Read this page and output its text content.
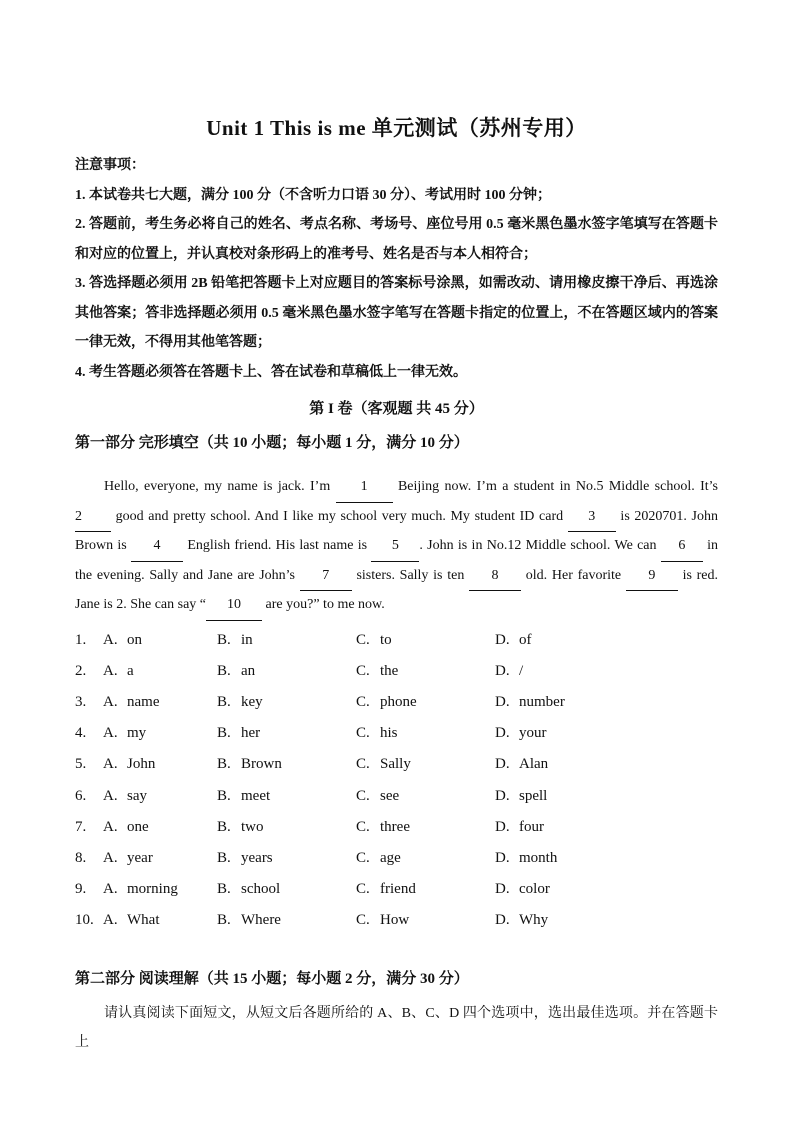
Unit 1 This is me 单元测试（苏州专用）

注意事项：

1. 本试卷共七大题，满分 100 分（不含听力口语 30 分）、考试用时 100 分钟；

2. 答题前，考生务必将自己的姓名、考点名称、考场号、座位号用 0.5 毫米黑色墨水签字笔填写在答题卡和对应的位置上，并认真校对条形码上的准考号、姓名是否与本人相符合；

3. 答选择题必须用 2B 铅笔把答题卡上对应题目的答案标号涂黑，如需改动、请用橡皮擦干净后、再选涂其他答案；答非选择题必须用 0.5 毫米黑色墨水签字笔写在答题卡指定的位置上，不在答题区域内的答案一律无效，不得用其他笔答题；

4. 考生答题必须答在答题卡上、答在试卷和草稿低上一律无效。

第 I 卷（客观题 共 45 分）

第一部分 完形填空（共 10 小题；每小题 1 分，满分 10 分）

Hello, everyone, my name is jack. I’m 1 Beijing now. I’m a student in No.5 Middle school. It’s 2 good and pretty school. And I like my school very much. My student ID card 3 is 2020701. John Brown is 4 English friend. His last name is 5 . John is in No.12 Middle school. We can 6 in the evening. Sally and Jane are John’s 7 sisters. Sally is ten 8 old. Her favorite 9 is red. Jane is 2. She can say “ 10 are you?” to me now.

1.	A. on	B. in	C. to	D. of
2.	A. a	B. an	C. the	D. /
3.	A. name	B. key	C. phone	D. number
4.	A. my	B. her	C. his	D. your
5.	A. John	B. Brown	C. Sally	D. Alan
6.	A. say	B. meet	C. see	D. spell
7.	A. one	B. two	C. three	D. four
8.	A. year	B. years	C. age	D. month
9.	A. morning	B. school	C. friend	D. color
10. A. What	B. Where	C. How	D. Why

第二部分 阅读理解（共 15 小题；每小题 2 分，满分 30 分）

请认真阅读下面短文，从短文后各题所给的 A、B、C、D 四个选项中，选出最佳选项。并在答题卡上
